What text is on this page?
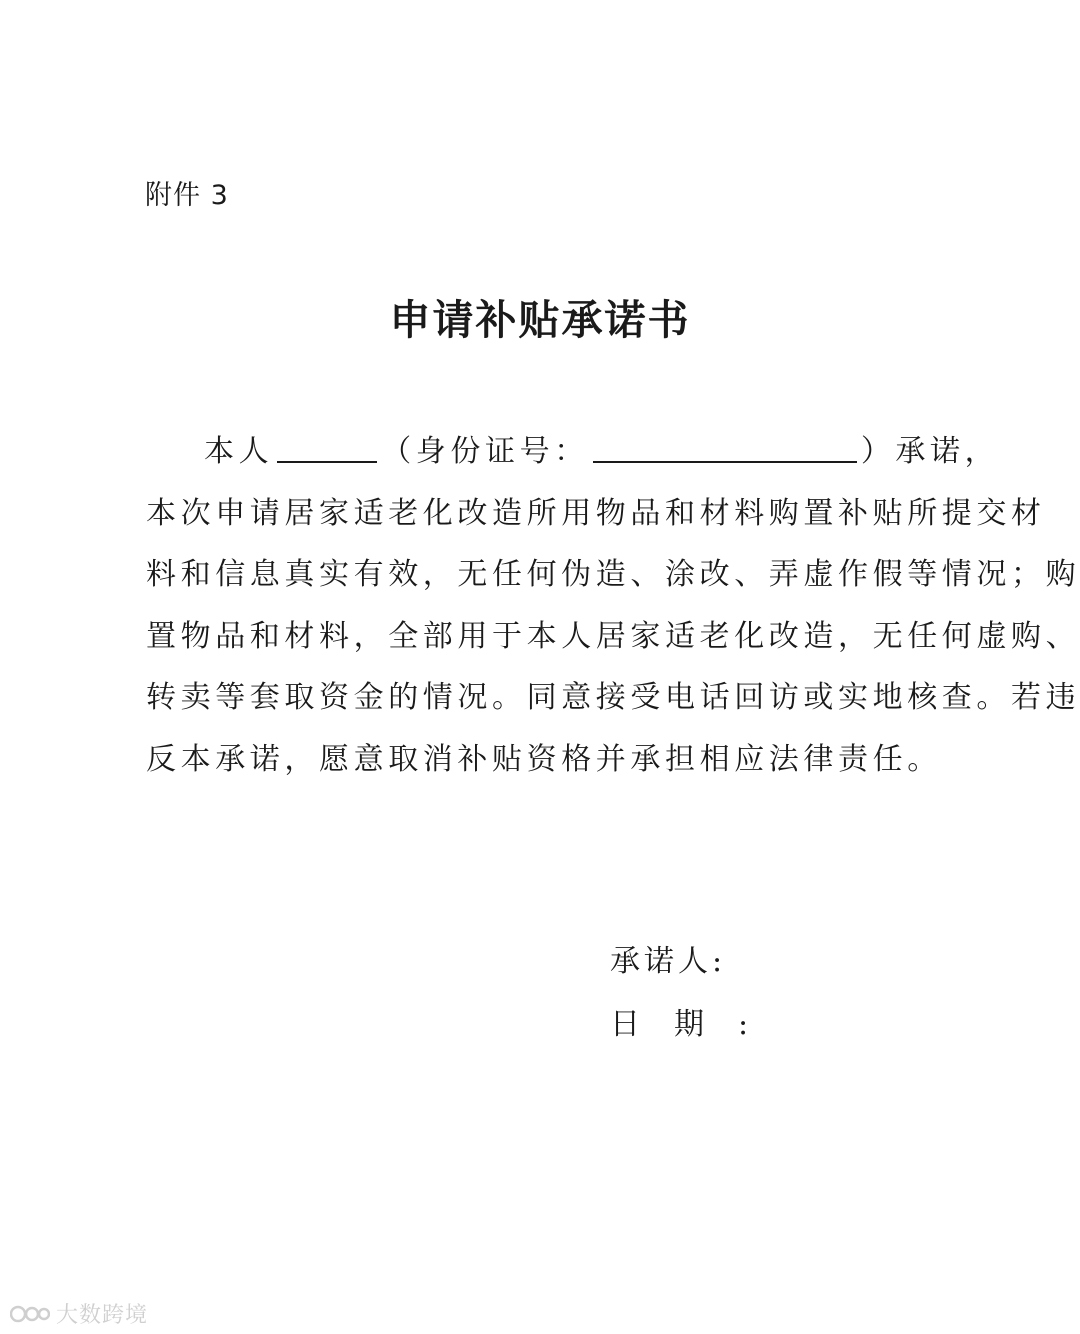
附件 3
申请补贴承诺书
本人	（身份证号：	）承诺，
本次申请居家适老化改造所用物品和材料购置补贴所提交材
料和信息真实有效，无任何伪造、涂改、弄虚作假等情况；购
置物品和材料，全部用于本人居家适老化改造，无任何虚购、
转卖等套取资金的情况。同意接受电话回访或实地核查。若违
反本承诺，愿意取消补贴资格并承担相应法律责任。
承诺人:
日期:
大数跨境
